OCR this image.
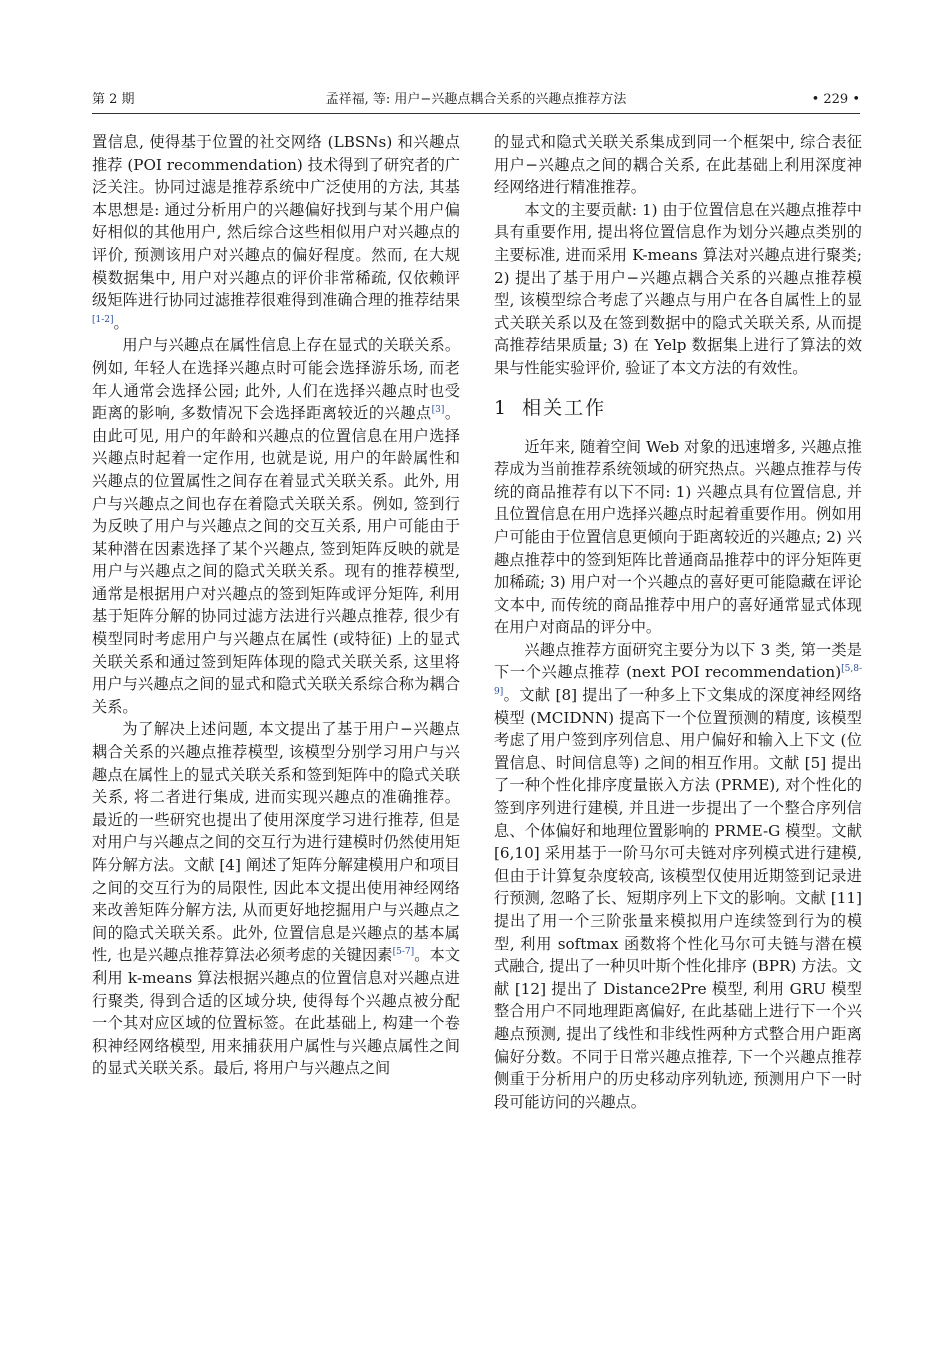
第 2 期	孟祥福, 等: 用户−兴趣点耦合关系的兴趣点推荐方法	• 229 •

置信息, 使得基于位置的社交网络 (LBSNs) 和兴趣点推荐 (POI recommendation) 技术得到了研究者的广泛关注。协同过滤是推荐系统中广泛使用的方法, 其基本思想是: 通过分析用户的兴趣偏好找到与某个用户偏好相似的其他用户, 然后综合这些相似用户对兴趣点的评价, 预测该用户对兴趣点的偏好程度。然而, 在大规模数据集中, 用户对兴趣点的评价非常稀疏, 仅依赖评级矩阵进行协同过滤推荐很难得到准确合理的推荐结果[1-2]。

用户与兴趣点在属性信息上存在显式的关联关系。例如, 年轻人在选择兴趣点时可能会选择游乐场, 而老年人通常会选择公园; 此外, 人们在选择兴趣点时也受距离的影响, 多数情况下会选择距离较近的兴趣点[3]。由此可见, 用户的年龄和兴趣点的位置信息在用户选择兴趣点时起着一定作用, 也就是说, 用户的年龄属性和兴趣点的位置属性之间存在着显式关联关系。此外, 用户与兴趣点之间也存在着隐式关联关系。例如, 签到行为反映了用户与兴趣点之间的交互关系, 用户可能由于某种潜在因素选择了某个兴趣点, 签到矩阵反映的就是用户与兴趣点之间的隐式关联关系。现有的推荐模型, 通常是根据用户对兴趣点的签到矩阵或评分矩阵, 利用基于矩阵分解的协同过滤方法进行兴趣点推荐, 很少有模型同时考虑用户与兴趣点在属性 (或特征) 上的显式关联关系和通过签到矩阵体现的隐式关联关系, 这里将用户与兴趣点之间的显式和隐式关联关系综合称为耦合关系。

为了解决上述问题, 本文提出了基于用户−兴趣点耦合关系的兴趣点推荐模型, 该模型分别学习用户与兴趣点在属性上的显式关联关系和签到矩阵中的隐式关联关系, 将二者进行集成, 进而实现兴趣点的准确推荐。最近的一些研究也提出了使用深度学习进行推荐, 但是对用户与兴趣点之间的交互行为进行建模时仍然使用矩阵分解方法。文献 [4] 阐述了矩阵分解建模用户和项目之间的交互行为的局限性, 因此本文提出使用神经网络来改善矩阵分解方法, 从而更好地挖掘用户与兴趣点之间的隐式关联关系。此外, 位置信息是兴趣点的基本属性, 也是兴趣点推荐算法必须考虑的关键因素[5-7]。本文利用 k-means 算法根据兴趣点的位置信息对兴趣点进行聚类, 得到合适的区域分块, 使得每个兴趣点被分配一个其对应区域的位置标签。在此基础上, 构建一个卷积神经网络模型, 用来捕获用户属性与兴趣点属性之间的显式关联关系。最后, 将用户与兴趣点之间

的显式和隐式关联关系集成到同一个框架中, 综合表征用户−兴趣点之间的耦合关系, 在此基础上利用深度神经网络进行精准推荐。

本文的主要贡献: 1) 由于位置信息在兴趣点推荐中具有重要作用, 提出将位置信息作为划分兴趣点类别的主要标准, 进而采用 K-means 算法对兴趣点进行聚类; 2) 提出了基于用户−兴趣点耦合关系的兴趣点推荐模型, 该模型综合考虑了兴趣点与用户在各自属性上的显式关联关系以及在签到数据中的隐式关联关系, 从而提高推荐结果质量; 3) 在 Yelp 数据集上进行了算法的效果与性能实验评价, 验证了本文方法的有效性。

1 相关工作

近年来, 随着空间 Web 对象的迅速增多, 兴趣点推荐成为当前推荐系统领域的研究热点。兴趣点推荐与传统的商品推荐有以下不同: 1) 兴趣点具有位置信息, 并且位置信息在用户选择兴趣点时起着重要作用。例如用户可能由于位置信息更倾向于距离较近的兴趣点; 2) 兴趣点推荐中的签到矩阵比普通商品推荐中的评分矩阵更加稀疏; 3) 用户对一个兴趣点的喜好更可能隐藏在评论文本中, 而传统的商品推荐中用户的喜好通常显式体现在用户对商品的评分中。

兴趣点推荐方面研究主要分为以下 3 类, 第一类是下一个兴趣点推荐 (next POI recommendation)[5,8-9]。文献 [8] 提出了一种多上下文集成的深度神经网络模型 (MCIDNN) 提高下一个位置预测的精度, 该模型考虑了用户签到序列信息、用户偏好和输入上下文 (位置信息、时间信息等) 之间的相互作用。文献 [5] 提出了一种个性化排序度量嵌入方法 (PRME), 对个性化的签到序列进行建模, 并且进一步提出了一个整合序列信息、个体偏好和地理位置影响的 PRME-G 模型。文献 [6,10] 采用基于一阶马尔可夫链对序列模式进行建模, 但由于计算复杂度较高, 该模型仅使用近期签到记录进行预测, 忽略了长、短期序列上下文的影响。文献 [11] 提出了用一个三阶张量来模拟用户连续签到行为的模型, 利用 softmax 函数将个性化马尔可夫链与潜在模式融合, 提出了一种贝叶斯个性化排序 (BPR) 方法。文献 [12] 提出了 Distance2Pre 模型, 利用 GRU 模型整合用户不同地理距离偏好, 在此基础上进行下一个兴趣点预测, 提出了线性和非线性两种方式整合用户距离偏好分数。不同于日常兴趣点推荐, 下一个兴趣点推荐侧重于分析用户的历史移动序列轨迹, 预测用户下一时段可能访问的兴趣点。
